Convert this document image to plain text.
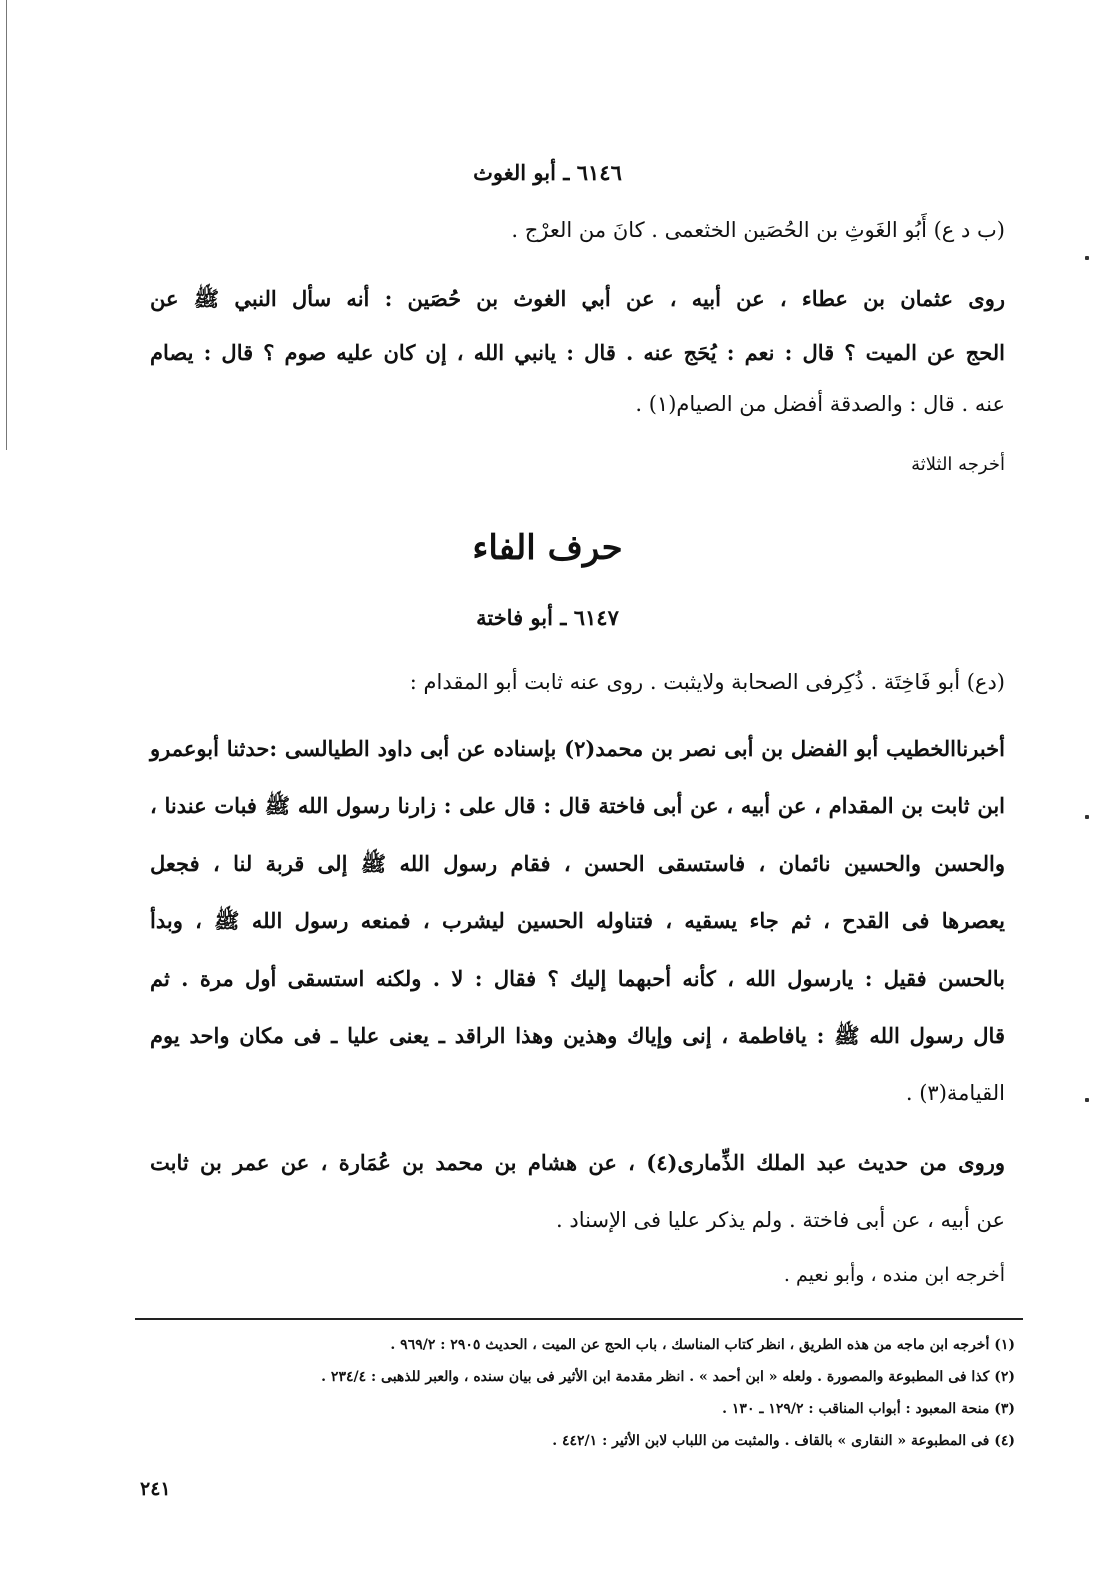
٦١٤٦ ـ أبو الغوث
(ب د ع) أَبُو الغَوثِ بن الحُصَين الخثعمى . كانَ من العرْج .
روى عثمان بن عطاء ، عن أبيه ، عن أبي الغوث بن حُصَين : أنه سأل النبي ﷺ عن
الحج عن الميت ؟ قال : نعم : يُحَج عنه . قال : يانبي الله ، إن كان عليه صوم ؟ قال : يصام
عنه . قال : والصدقة أفضل من الصيام(١) .
أخرجه الثلاثة
حرف الفاء
٦١٤٧ ـ أبو فاختة
(دع) أبو فَاخِتَة . ذُكِرفى الصحابة ولايثبت . روى عنه ثابت أبو المقدام :
أخبرناالخطيب أبو الفضل بن أبى نصر بن محمد(٢) بإسناده عن أبى داود الطيالسى :حدثنا أبوعمرو
ابن ثابت بن المقدام ، عن أبيه ، عن أبى فاختة قال : قال على : زارنا رسول الله ﷺ فبات عندنا ،
والحسن والحسين نائمان ، فاستسقى الحسن ، فقام رسول الله ﷺ إلى قربة لنا ، فجعل
يعصرها فى القدح ، ثم جاء يسقيه ، فتناوله الحسين ليشرب ، فمنعه رسول الله ﷺ ، وبدأ
بالحسن فقيل : يارسول الله ، كأنه أحبهما إليك ؟ فقال : لا . ولكنه استسقى أول مرة . ثم
قال رسول الله ﷺ : يافاطمة ، إنى وإياك وهذين وهذا الراقد ـ يعنى عليا ـ فى مكان واحد يوم
القيامة(٣) .
وروى من حديث عبد الملك الذِّمارى(٤) ، عن هشام بن محمد بن عُمَارة ، عن عمر بن ثابت
عن أبيه ، عن أبى فاختة . ولم يذكر عليا فى الإسناد .
أخرجه ابن منده ، وأبو نعيم .
(١) أخرجه ابن ماجه من هذه الطريق ، انظر كتاب المناسك ، باب الحج عن الميت ، الحديث ٢٩٠٥ : ٩٦٩/٢ .
(٢) كذا فى المطبوعة والمصورة . ولعله « ابن أحمد » . انظر مقدمة ابن الأثير فى بيان سنده ، والعبر للذهبى : ٢٣٤/٤ .
(٣) منحة المعبود : أبواب المناقب : ١٢٩/٢ ـ ١٣٠ .
(٤) فى المطبوعة « النقارى » بالقاف . والمثبت من اللباب لابن الأثير : ٤٤٢/١ .
٢٤١
